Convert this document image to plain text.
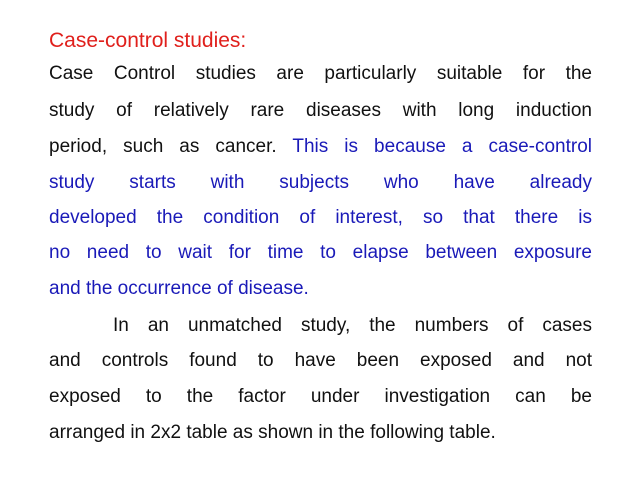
Case-control studies:
Case Control studies are particularly suitable for the
study of relatively rare diseases with long induction
period, such as cancer. This is because a case-control
study starts with subjects who have already
developed the condition of interest, so that there is
no need to wait for time to elapse between exposure
and the occurrence of disease.
In an unmatched study, the numbers of cases
and controls found to have been exposed and not
exposed to the factor under investigation can be
arranged in 2x2 table as shown in the following table.
